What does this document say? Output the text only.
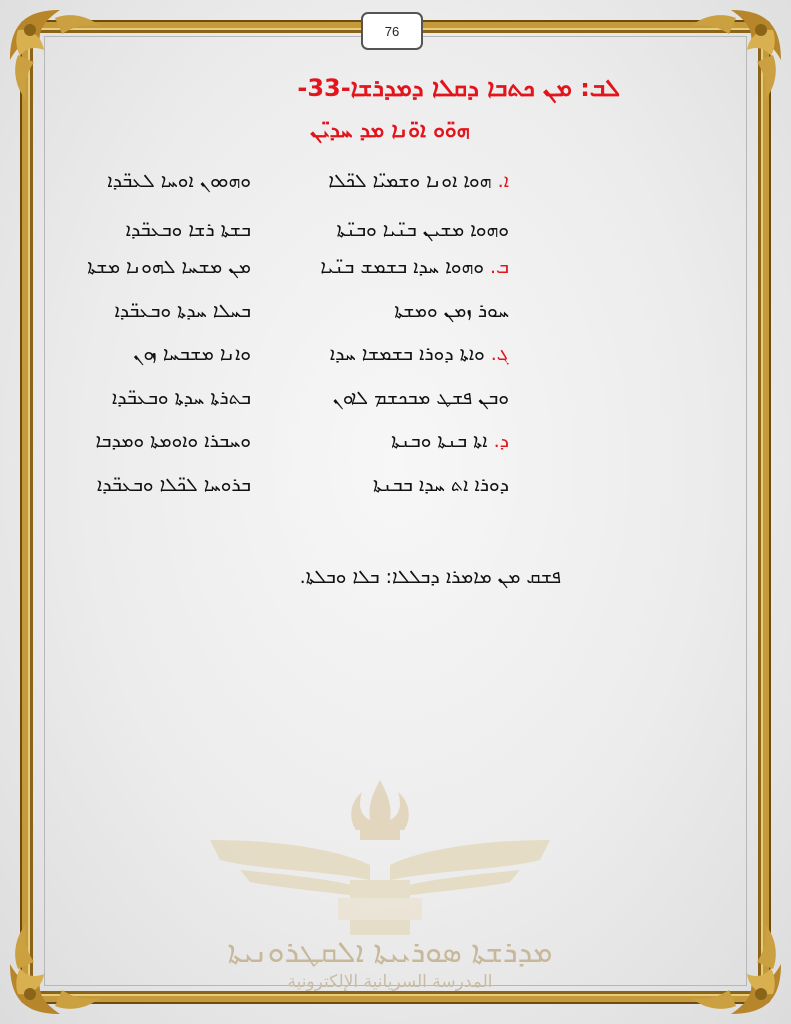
76
ܠܒ: ܡܢ ܟܬܒܐ ܕܩܠܐ ܕܡܕܪܫܐ-33-
ܗܘ̈ܘ ܐܘ̈ܢܐ ܡܕ ܚܕܝ̈ܢ
ܐ. ܗܘܐ ܐܘܢܐ ܘܫܡܝ̈ܐ ܠܟ̈ܠܐ
ܘܗܘܘܢ ܐܘܚܐ ܠܥܒ̈ܕܐ
ܘܗܘܐ ܡܫܝܢ ܒܢ̈ܝܐ ܘܒܢ̈ܬܐ
ܒܫܬܐ ܪܫܐ ܘܒܥܒ̈ܕܐ
ܒ. ܘܗܘܐ ܚܕܐ ܒܫܡܫ ܒܢ̈ܝܐ
ܡܢ ܡܫܚܐ ܠܗܘܢܐ ܡܫܬܐ
ܚܘܪ ܙܡܢ ܘܡܫܬܐ
ܒܚܠܐ ܚܕܬܐ ܘܒܥܒ̈ܕܐ
ܓ. ܘܐܬܐ ܕܘܪܐ ܒܫܡܫܐ ܚܕܐ
ܘܐܢܐ ܡܫܒܚܐ ܙܘܢ
ܘܒܢ ܦܫܛ ܡܒܟܫܡ ܠܐܘܢ
ܒܬܪܬܐ ܚܕܬܐ ܘܒܥܒ̈ܕܐ
ܕ. ܐܬܐ ܒܢܬܐ ܘܒܢܬܐ
ܘܚܒܪܐ ܘܐܘܡܬܐ ܘܡܕܒܐ
ܕܘܪܐ ܐܬ ܚܕܐ ܒܒܢܬܐ
ܒܪܘܚܐ ܠܟ̈ܠܐ ܘܒܥܒ̈ܕܐ
ܦܫܩ ܡܢ ܡܐܡܪܐ ܕܒܠܠܐ: ܒܠܐ ܘܒܠܬܐ.
ܡܕܪܫܬܐ ܣܘܪܝܝܬܐ ܐܠܩܛܪܘܢܝܬܐ
المدرسة السريانية الإلكترونية
